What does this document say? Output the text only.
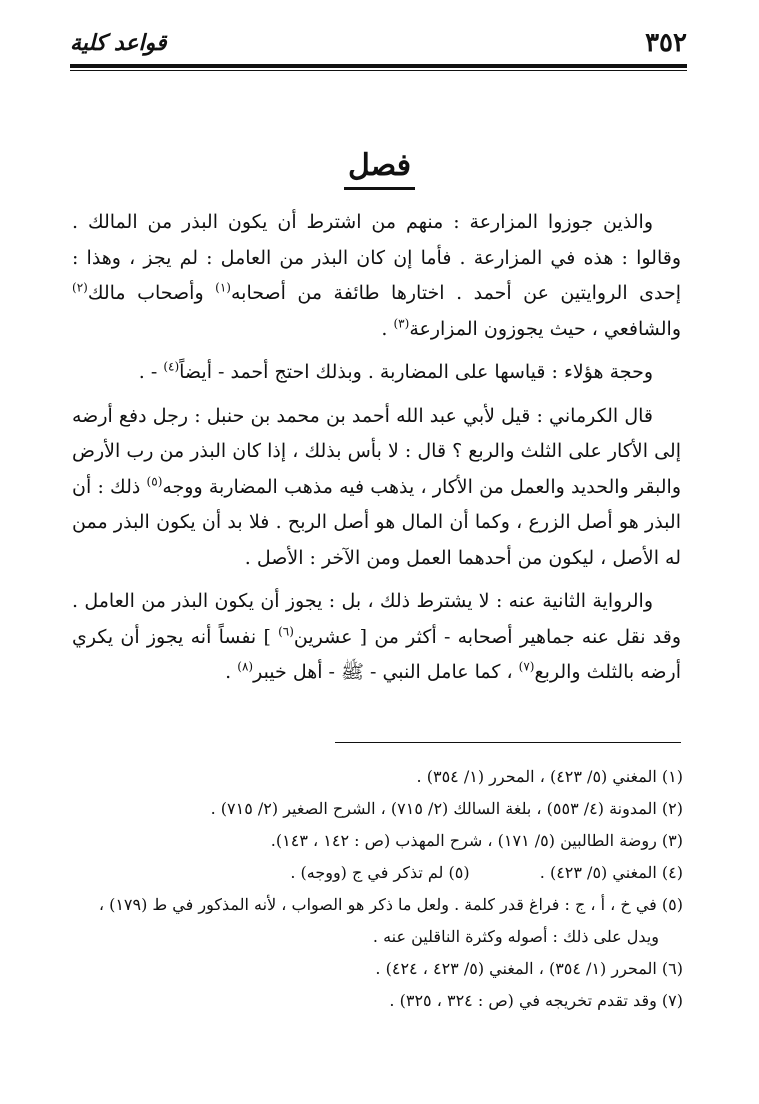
٣٥٢
قواعد كلية
فصل

والذين جوزوا المزارعة : منهم من اشترط أن يكون البذر من المالك . وقالوا : هذه في المزارعة . فأما إن كان البذر من العامل : لم يجز ، وهذا : إحدى الروايتين عن أحمد . اختارها طائفة من أصحابه$^{(١)}$ وأصحاب مالك$^{(٢)}$ والشافعي ، حيث يجوزون المزارعة$^{(٣)}$ .

وحجة هؤلاء : قياسها على المضاربة . وبذلك احتج أحمد - أيضاً$^{(٤)}$ - .

قال الكرماني : قيل لأبي عبد الله أحمد بن محمد بن حنبل : رجل دفع أرضه إلى الأكار على الثلث والربع ؟ قال : لا بأس بذلك ، إذا كان البذر من رب الأرض والبقر والحديد والعمل من الأكار ، يذهب فيه مذهب المضاربة ووجه$^{(٥)}$ ذلك : أن البذر هو أصل الزرع ، وكما أن المال هو أصل الربح . فلا بد أن يكون البذر ممن له الأصل ، ليكون من أحدهما العمل ومن الآخر : الأصل .

والرواية الثانية عنه : لا يشترط ذلك ، بل : يجوز أن يكون البذر من العامل . وقد نقل عنه جماهير أصحابه - أكثر من [ عشرين$^{(٦)}$ ] نفساً أنه يجوز أن يكري أرضه بالثلث والربع$^{(٧)}$ ، كما عامل النبي - ﷺ - أهل خيبر$^{(٨)}$ .

(١) المغني (٥/ ٤٢٣) ، المحرر (١/ ٣٥٤) .

(٢) المدونة (٤/ ٥٥٣) ، بلغة السالك (٢/ ٧١٥) ، الشرح الصغير (٢/ ٧١٥) .

(٣) روضة الطالبين (٥/ ١٧١) ، شرح المهذب (ص : ١٤٢ ، ١٤٣).

(٤) المغني (٥/ ٤٢٣) .  (٥) لم تذكر في ج (ووجه) .

(٥) في خ ، أ ، ج : فراغ قدر كلمة . ولعل ما ذكر هو الصواب ، لأنه المذكور في ط (١٧٩) ،

ويدل على ذلك : أصوله وكثرة الناقلين عنه .

(٦) المحرر (١/ ٣٥٤) ، المغني (٥/ ٤٢٣ ، ٤٢٤) .

(٧) وقد تقدم تخريجه في (ص : ٣٢٤ ، ٣٢٥) .
